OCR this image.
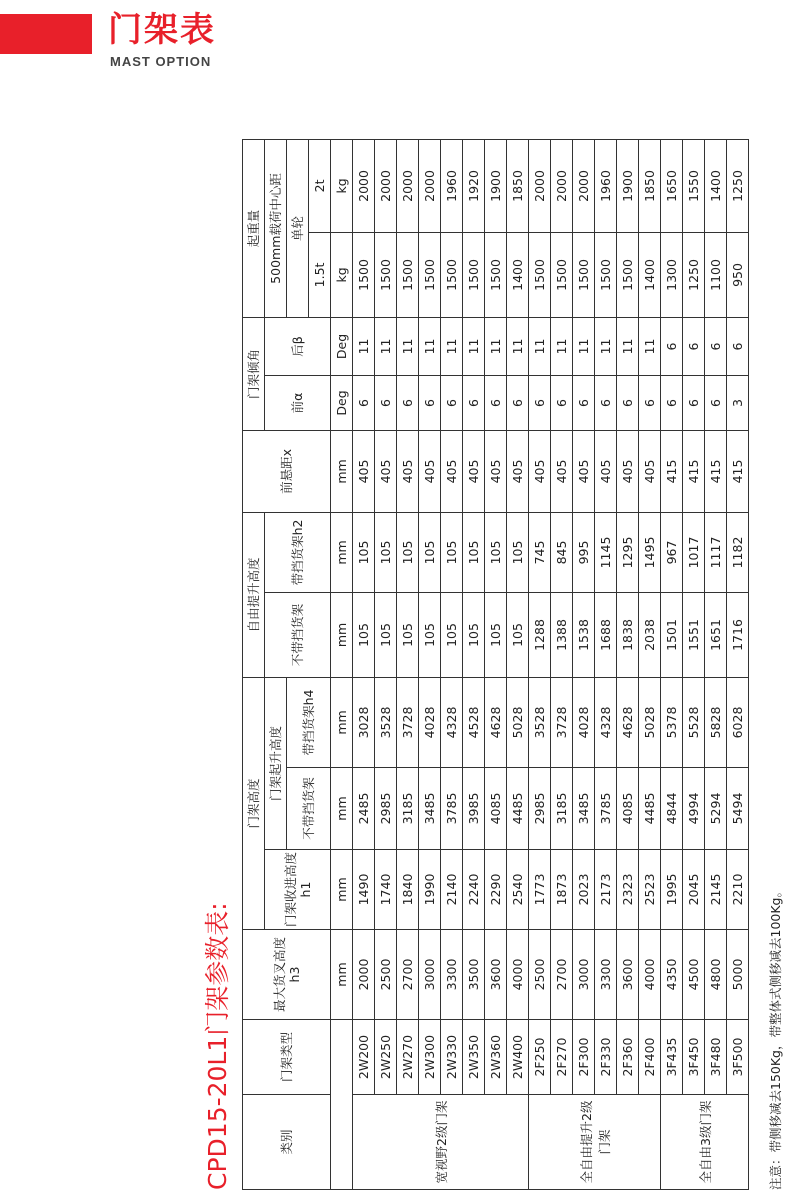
门架表
MAST OPTION
CPD15-20L1门架参数表:	类别	门架类型	最大货叉高度h3	门架高度			自由提升高度		前悬距x	门架倾角		起重量	
			门架收进高度h1	门架起升高度		不带挡货架	带挡货架h2		前α	后β	500mm载荷中心距	
				不带挡货架	带挡货架h4						单轮	
											1.5t	2t
		mm	mm	mm	mm	mm	mm	mm	Deg	Deg	kg	kg
宽视野2级门架	2W200	2000	1490	2485	3028	105	105	405	6	11	1500	2000
	2W250	2500	1740	2985	3528	105	105	405	6	11	1500	2000
	2W270	2700	1840	3185	3728	105	105	405	6	11	1500	2000
	2W300	3000	1990	3485	4028	105	105	405	6	11	1500	2000
	2W330	3300	2140	3785	4328	105	105	405	6	11	1500	1960
	2W350	3500	2240	3985	4528	105	105	405	6	11	1500	1920
	2W360	3600	2290	4085	4628	105	105	405	6	11	1500	1900
	2W400	4000	2540	4485	5028	105	105	405	6	11	1400	1850
全自由提升2级门架	2F250	2500	1773	2985	3528	1288	745	405	6	11	1500	2000
	2F270	2700	1873	3185	3728	1388	845	405	6	11	1500	2000
	2F300	3000	2023	3485	4028	1538	995	405	6	11	1500	2000
	2F330	3300	2173	3785	4328	1688	1145	405	6	11	1500	1960
	2F360	3600	2323	4085	4628	1838	1295	405	6	11	1500	1900
	2F400	4000	2523	4485	5028	2038	1495	405	6	11	1400	1850
全自由3级门架	3F435	4350	1995	4844	5378	1501	967	415	6	6	1300	1650
	3F450	4500	2045	4994	5528	1551	1017	415	6	6	1250	1550
	3F480	4800	2145	5294	5828	1651	1117	415	6	6	1100	1400
	3F500	5000	2210	5494	6028	1716	1182	415	3	6	950	1250
注意：带侧移减去150Kg，带整体式侧移减去100Kg。
